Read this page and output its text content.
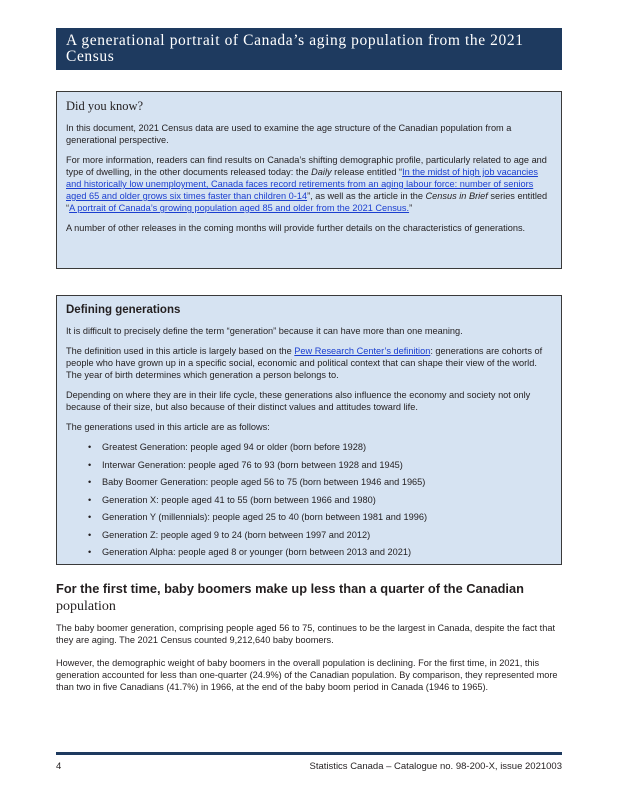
A generational portrait of Canada’s aging population from the 2021 Census
Did you know?

In this document, 2021 Census data are used to examine the age structure of the Canadian population from a generational perspective.

For more information, readers can find results on Canada’s shifting demographic profile, particularly related to age and type of dwelling, in the other documents released today: the Daily release entitled “In the midst of high job vacancies and historically low unemployment, Canada faces record retirements from an aging labour force: number of seniors aged 65 and older grows six times faster than children 0-14”, as well as the article in the Census in Brief series entitled “A portrait of Canada’s growing population aged 85 and older from the 2021 Census.”

A number of other releases in the coming months will provide further details on the characteristics of generations.

Defining generations

It is difficult to precisely define the term “generation” because it can have more than one meaning.

The definition used in this article is largely based on the Pew Research Center’s definition: generations are cohorts of people who have grown up in a specific social, economic and political context that can shape their view of the world. The year of birth determines which generation a person belongs to.

Depending on where they are in their life cycle, these generations also influence the economy and society not only because of their size, but also because of their distinct values and attitudes toward life.

The generations used in this article are as follows:

• Greatest Generation: people aged 94 or older (born before 1928)
• Interwar Generation: people aged 76 to 93 (born between 1928 and 1945)
• Baby Boomer Generation: people aged 56 to 75 (born between 1946 and 1965)
• Generation X: people aged 41 to 55 (born between 1966 and 1980)
• Generation Y (millennials): people aged 25 to 40 (born between 1981 and 1996)
• Generation Z: people aged 9 to 24 (born between 1997 and 2012)
• Generation Alpha: people aged 8 or younger (born between 2013 and 2021)
For the first time, baby boomers make up less than a quarter of the Canadian
population

The baby boomer generation, comprising people aged 56 to 75, continues to be the largest in Canada, despite the fact that they are aging. The 2021 Census counted 9,212,640 baby boomers.

However, the demographic weight of baby boomers in the overall population is declining. For the first time, in 2021, this generation accounted for less than one-quarter (24.9%) of the Canadian population. By comparison, they represented more than two in five Canadians (41.7%) in 1966, at the end of the baby boom period in Canada (1946 to 1965).

4	Statistics Canada – Catalogue no. 98-200-X, issue 2021003
